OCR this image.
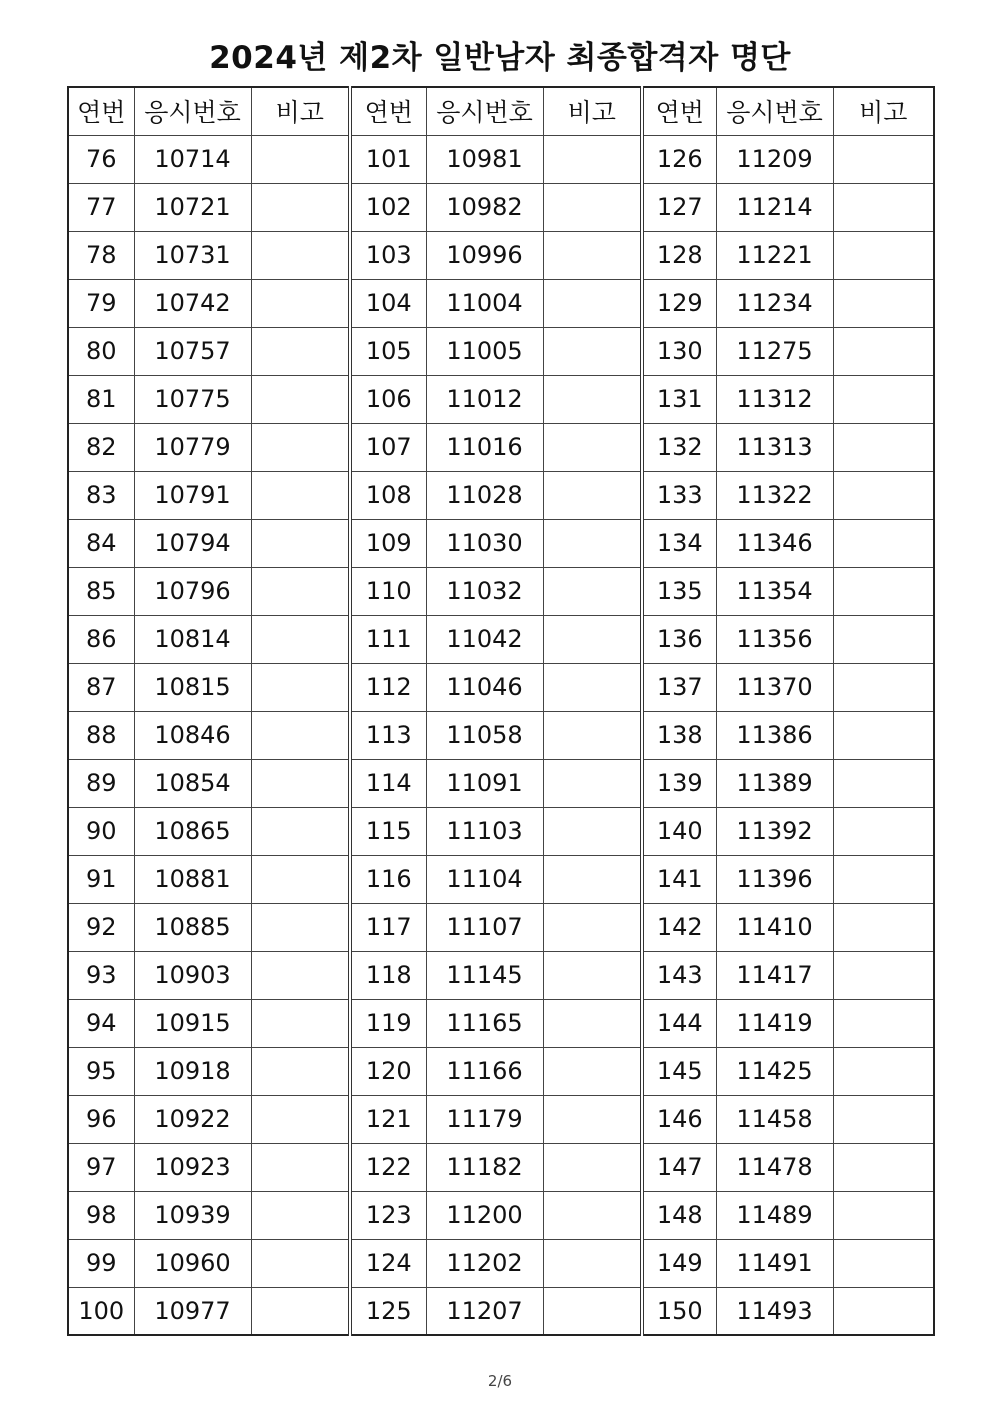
2024년 제2차 일반남자 최종합격자 명단
연번	응시번호	비고	연번	응시번호	비고	연번	응시번호	비고
76	10714		101	10981		126	11209	
77	10721		102	10982		127	11214	
78	10731		103	10996		128	11221	
79	10742		104	11004		129	11234	
80	10757		105	11005		130	11275	
81	10775		106	11012		131	11312	
82	10779		107	11016		132	11313	
83	10791		108	11028		133	11322	
84	10794		109	11030		134	11346	
85	10796		110	11032		135	11354	
86	10814		111	11042		136	11356	
87	10815		112	11046		137	11370	
88	10846		113	11058		138	11386	
89	10854		114	11091		139	11389	
90	10865		115	11103		140	11392	
91	10881		116	11104		141	11396	
92	10885		117	11107		142	11410	
93	10903		118	11145		143	11417	
94	10915		119	11165		144	11419	
95	10918		120	11166		145	11425	
96	10922		121	11179		146	11458	
97	10923		122	11182		147	11478	
98	10939		123	11200		148	11489	
99	10960		124	11202		149	11491	
100	10977		125	11207		150	11493	
2/6
